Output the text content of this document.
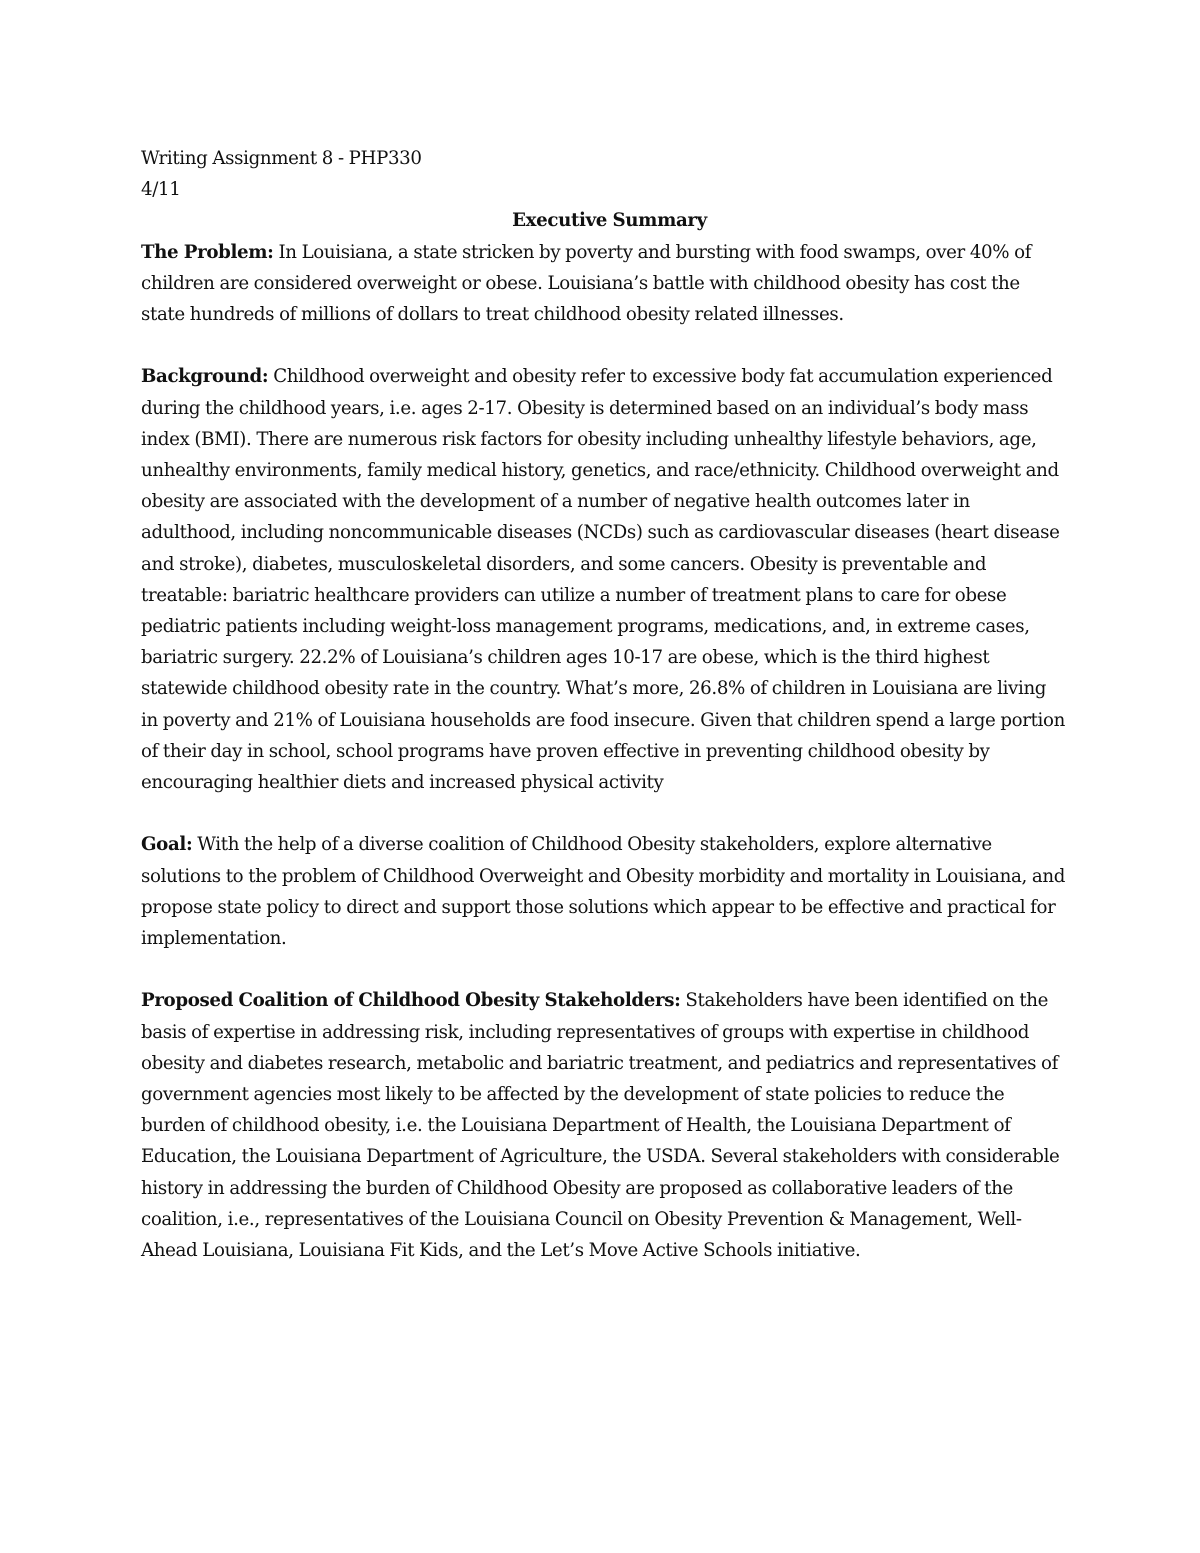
Writing Assignment 8 - PHP330

4/11

Executive Summary

The Problem: In Louisiana, a state stricken by poverty and bursting with food swamps, over 40% of children are considered overweight or obese. Louisiana’s battle with childhood obesity has cost the state hundreds of millions of dollars to treat childhood obesity related illnesses.

Background: Childhood overweight and obesity refer to excessive body fat accumulation experienced during the childhood years, i.e. ages 2-17. Obesity is determined based on an individual’s body mass index (BMI). There are numerous risk factors for obesity including unhealthy lifestyle behaviors, age, unhealthy environments, family medical history, genetics, and race/ethnicity. Childhood overweight and obesity are associated with the development of a number of negative health outcomes later in adulthood, including noncommunicable diseases (NCDs) such as cardiovascular diseases (heart disease and stroke), diabetes, musculoskeletal disorders, and some cancers. Obesity is preventable and treatable: bariatric healthcare providers can utilize a number of treatment plans to care for obese pediatric patients including weight-loss management programs, medications, and, in extreme cases, bariatric surgery. 22.2% of Louisiana’s children ages 10-17 are obese, which is the third highest statewide childhood obesity rate in the country. What’s more, 26.8% of children in Louisiana are living in poverty and 21% of Louisiana households are food insecure. Given that children spend a large portion of their day in school, school programs have proven effective in preventing childhood obesity by encouraging healthier diets and increased physical activity

Goal: With the help of a diverse coalition of Childhood Obesity stakeholders, explore alternative solutions to the problem of Childhood Overweight and Obesity morbidity and mortality in Louisiana, and propose state policy to direct and support those solutions which appear to be effective and practical for implementation.

Proposed Coalition of Childhood Obesity Stakeholders: Stakeholders have been identified on the basis of expertise in addressing risk, including representatives of groups with expertise in childhood obesity and diabetes research, metabolic and bariatric treatment, and pediatrics and representatives of government agencies most likely to be affected by the development of state policies to reduce the burden of childhood obesity, i.e. the Louisiana Department of Health, the Louisiana Department of Education, the Louisiana Department of Agriculture, the USDA. Several stakeholders with considerable history in addressing the burden of Childhood Obesity are proposed as collaborative leaders of the coalition, i.e., representatives of the Louisiana Council on Obesity Prevention & Management, Well-Ahead Louisiana, Louisiana Fit Kids, and the Let’s Move Active Schools initiative.
